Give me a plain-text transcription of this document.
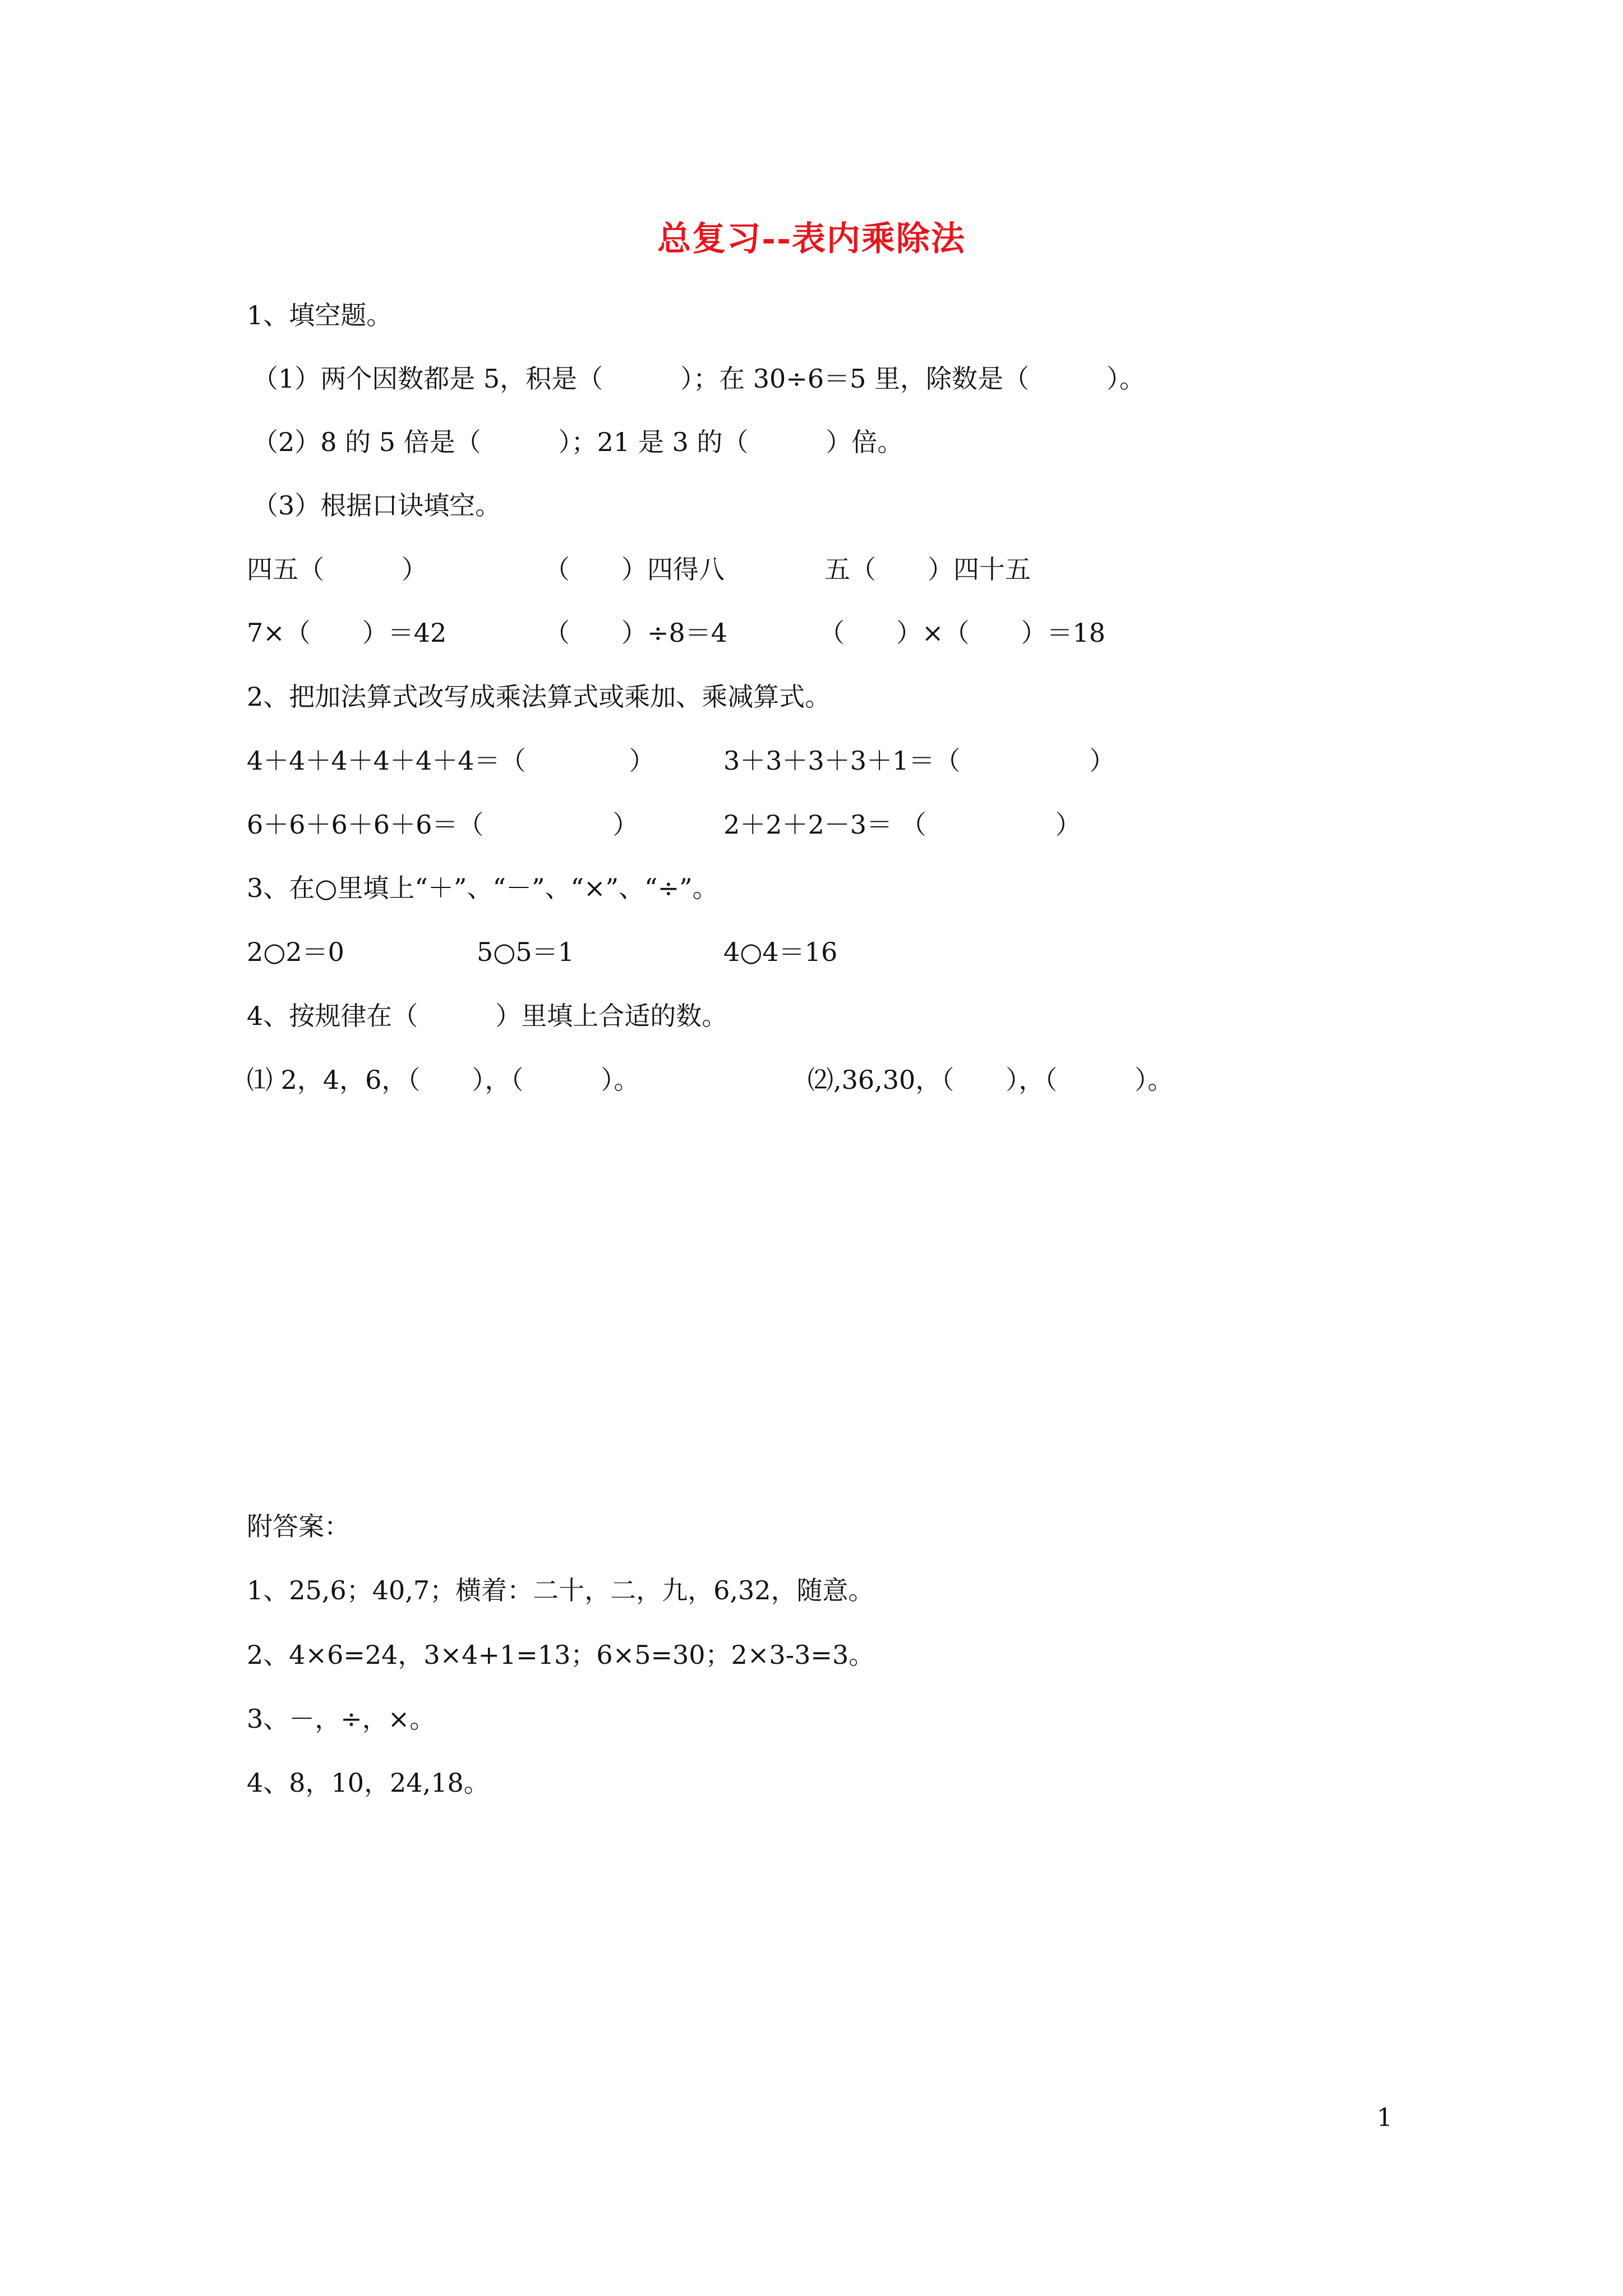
总复习--表内乘除法
1、填空题。
（1）两个因数都是 5，积是（　　　）；在 30÷6＝5 里，除数是（　　　）。
（2）8 的 5 倍是（　　　）；21 是 3 的（　　　）倍。
（3）根据口诀填空。
四五（　　　）	（　　）四得八	五（　　）四十五
7×（　　）＝42	（　　）÷8＝4	（　　）×（　　）＝18
2、把加法算式改写成乘法算式或乘加、乘减算式。
4＋4＋4＋4＋4＋4＝（　　　　）	3＋3＋3＋3＋1＝（　　　　　）
6＋6＋6＋6＋6＝（　　　　　）	2＋2＋2－3＝ （　　　　　）
3、在○里填上“＋”、“－”、“×”、“÷”。
2○2＝0	5○5＝1	4○4＝16
4、按规律在（　　　）里填上合适的数。
⑴ 2，4，6，（　　），（　　　）。	⑵,36,30，（　　），（　　　）。
附答案：
1、25,6；40,7；横着：二十，二，九，6,32，随意。
2、4×6=24，3×4+1=13；6×5=30；2×3-3=3。
3、－，÷，×。
4、8，10，24,18。
1
